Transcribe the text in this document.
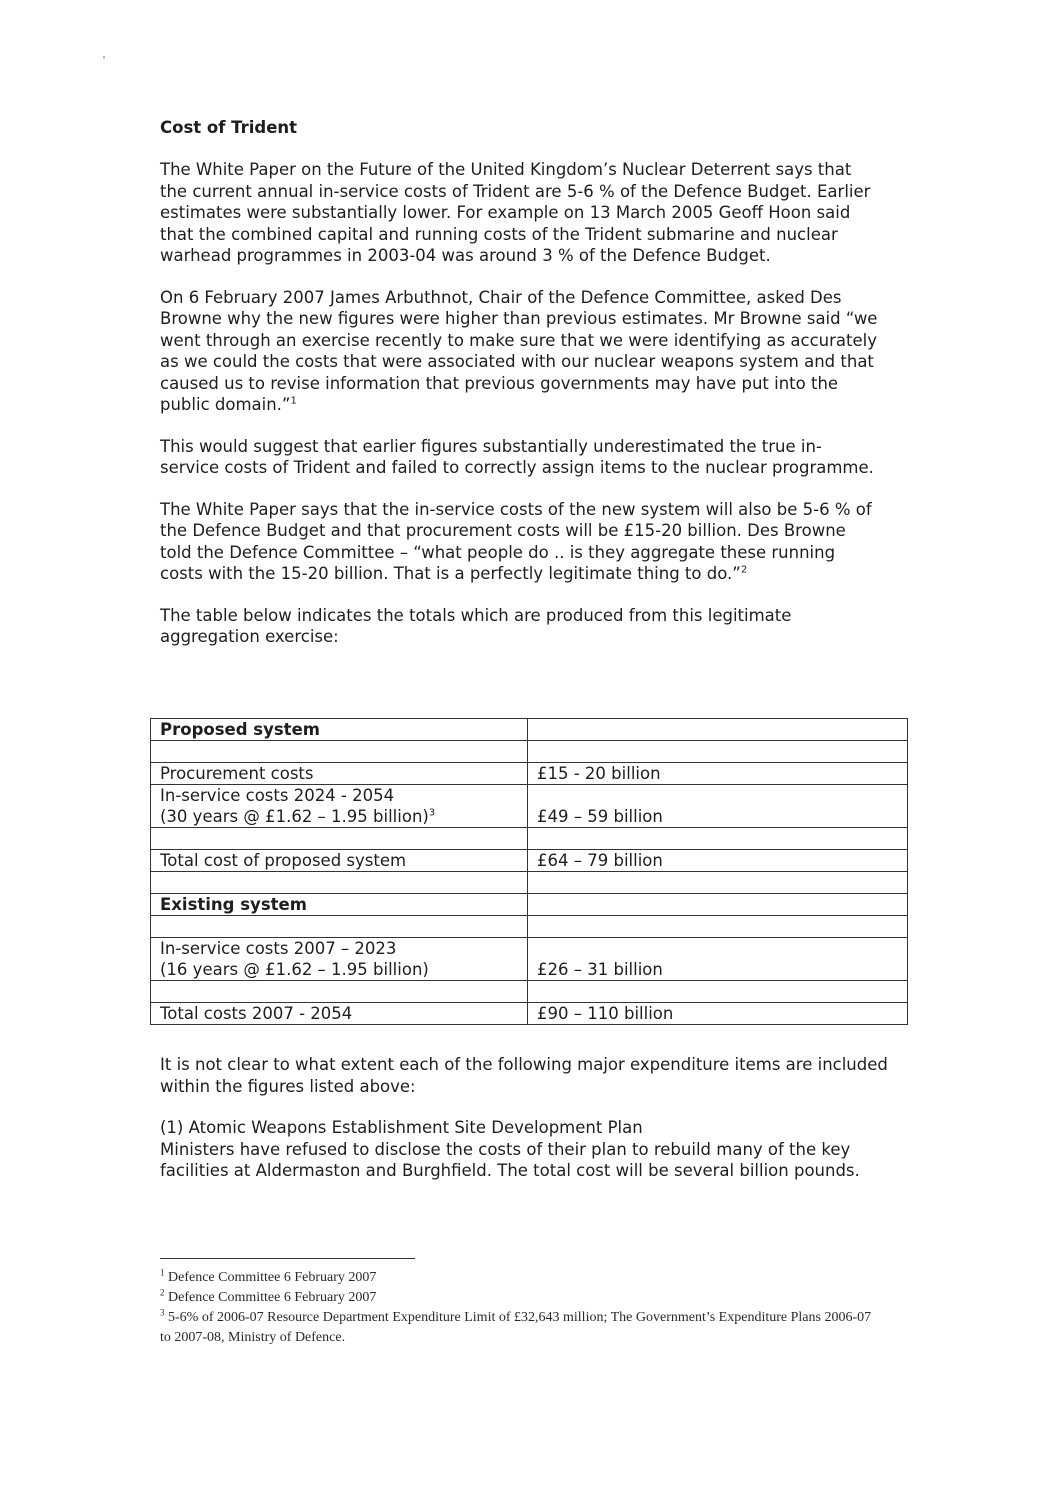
Cost of Trident

The White Paper on the Future of the United Kingdom’s Nuclear Deterrent says that the current annual in-service costs of Trident are 5-6 % of the Defence Budget. Earlier estimates were substantially lower. For example on 13 March 2005 Geoff Hoon said that the combined capital and running costs of the Trident submarine and nuclear warhead programmes in 2003-04 was around 3 % of the Defence Budget.

On 6 February 2007 James Arbuthnot, Chair of the Defence Committee, asked Des Browne why the new figures were higher than previous estimates. Mr Browne said “we went through an exercise recently to make sure that we were identifying as accurately as we could the costs that were associated with our nuclear weapons system and that caused us to revise information that previous governments may have put into the public domain.”$^1$

This would suggest that earlier figures substantially underestimated the true in-service costs of Trident and failed to correctly assign items to the nuclear programme.

The White Paper says that the in-service costs of the new system will also be 5-6 % of the Defence Budget and that procurement costs will be £15-20 billion. Des Browne told the Defence Committee – “what people do .. is they aggregate these running costs with the 15-20 billion. That is a perfectly legitimate thing to do.”$^2$

The table below indicates the totals which are produced from this legitimate aggregation exercise:

Proposed system	

Procurement costs	£15 - 20 billion

In-service costs 2024 - 2054
(30 years @ £1.62 – 1.95 billion)$^3$	£49 – 59 billion

Total cost of proposed system	£64 – 79 billion

Existing system	

In-service costs 2007 – 2023
(16 years @ £1.62 – 1.95 billion)	£26 – 31 billion

Total costs 2007 - 2054	£90 – 110 billion

It is not clear to what extent each of the following major expenditure items are included within the figures listed above:

(1) Atomic Weapons Establishment Site Development Plan

Ministers have refused to disclose the costs of their plan to rebuild many of the key facilities at Aldermaston and Burghfield. The total cost will be several billion pounds.

$^1$ Defence Committee 6 February 2007
$^2$ Defence Committee 6 February 2007
$^3$ 5-6% of 2006-07 Resource Department Expenditure Limit of £32,643 million; The Government’s Expenditure Plans 2006-07 to 2007-08, Ministry of Defence.
